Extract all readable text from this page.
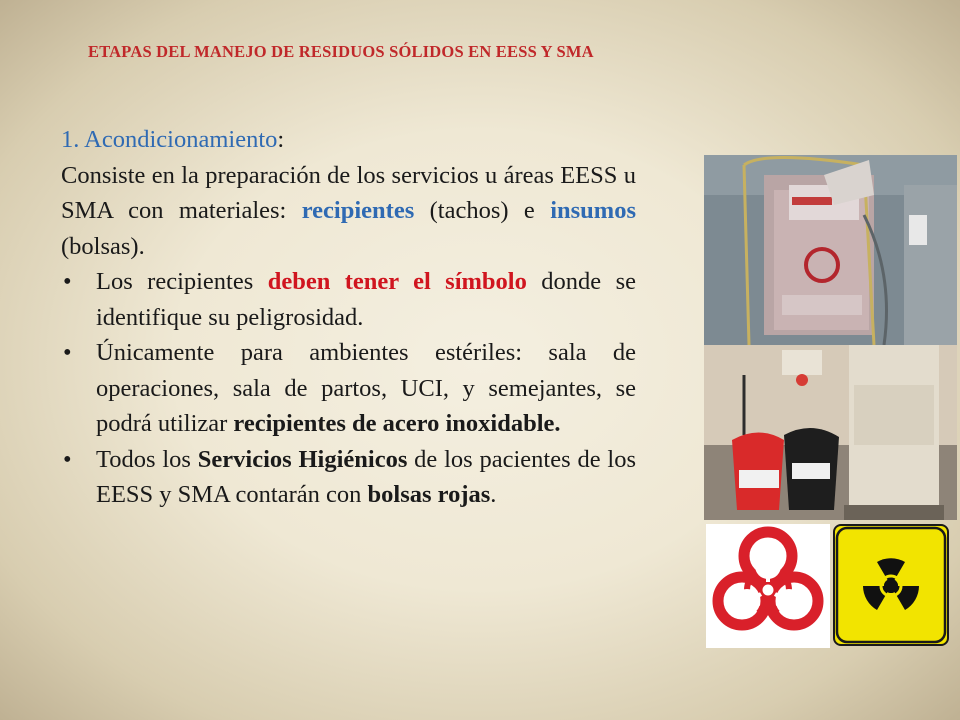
ETAPAS DEL MANEJO DE RESIDUOS SÓLIDOS EN EESS Y SMA
1. Acondicionamiento:
Consiste en la preparación de los servicios u áreas EESS u SMA con materiales: recipientes (tachos) e insumos (bolsas).
• Los recipientes deben tener el símbolo donde se identifique su peligrosidad.
• Únicamente para ambientes estériles: sala de operaciones, sala de partos, UCI, y semejantes, se podrá utilizar recipientes de acero inoxidable.
• Todos los Servicios Higiénicos de los pacientes de los EESS y SMA contarán con bolsas rojas.
